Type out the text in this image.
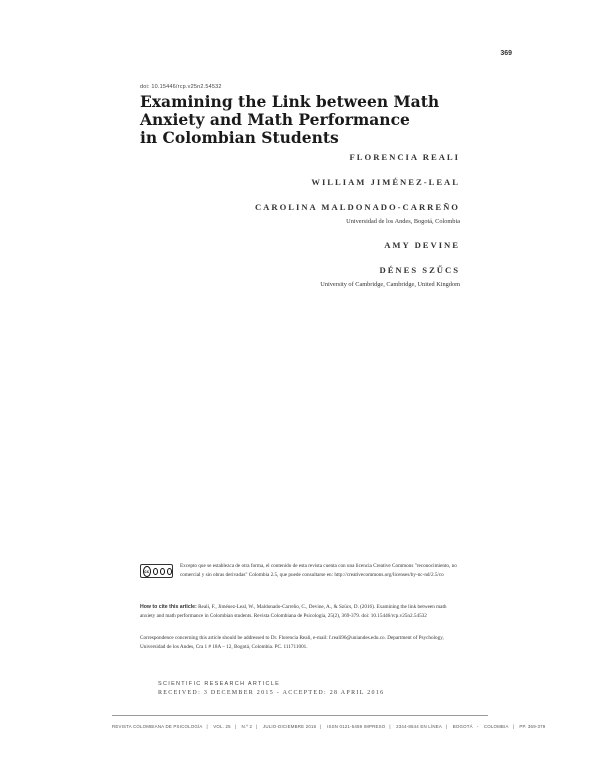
369
doi: 10.15446/rcp.v25n2.54532
Examining the Link between Math
Anxiety and Math Performance
in Colombian Students
FLORENCIA REALI
WILLIAM JIMÉNEZ-LEAL
CAROLINA MALDONADO-CARREÑO
Universidad de los Andes, Bogotá, Colombia
AMY DEVINE
DÉNES SZŰCS
University of Cambridge, Cambridge, United Kingdom
cc
Excepto que se establezca de otra forma, el contenido de esta revista cuenta con una licencia Creative Commons "reconocimiento, no comercial y sin obras derivadas" Colombia 2.5, que puede consultarse en: http://creativecommons.org/licenses/by-nc-nd/2.5/co
How to cite this article: Reali, F., Jiménez-Leal, W., Maldonado-Carreño, C., Devine, A., & Szücs, D. (2016). Examining the link between math anxiety and math performance in Colombian students. Revista Colombiana de Psicología, 25(2), 369-379. doi: 10.15446/rcp.v25n2.54532
Correspondence concerning this article should be addressed to Dr. Florencia Reali, e-mail: f.reali96@uniandes.edu.co. Department of Psychology, Universidad de los Andes, Cra 1 # 18A – 12, Bogotá, Colombia. PC. 111711001.
SCIENTIFIC RESEARCH ARTICLE
RECEIVED: 3 DECEMBER 2015 - ACCEPTED: 28 APRIL 2016
REVISTA COLOMBIANA DE PSICOLOGÍA | VOL. 25 | N.º 2 | JULIO-DICIEMBRE 2016 | ISSN 0121-5469 IMPRESO | 2344-8644 EN LÍNEA | BOGOTÁ - COLOMBIA | PP. 369-379
